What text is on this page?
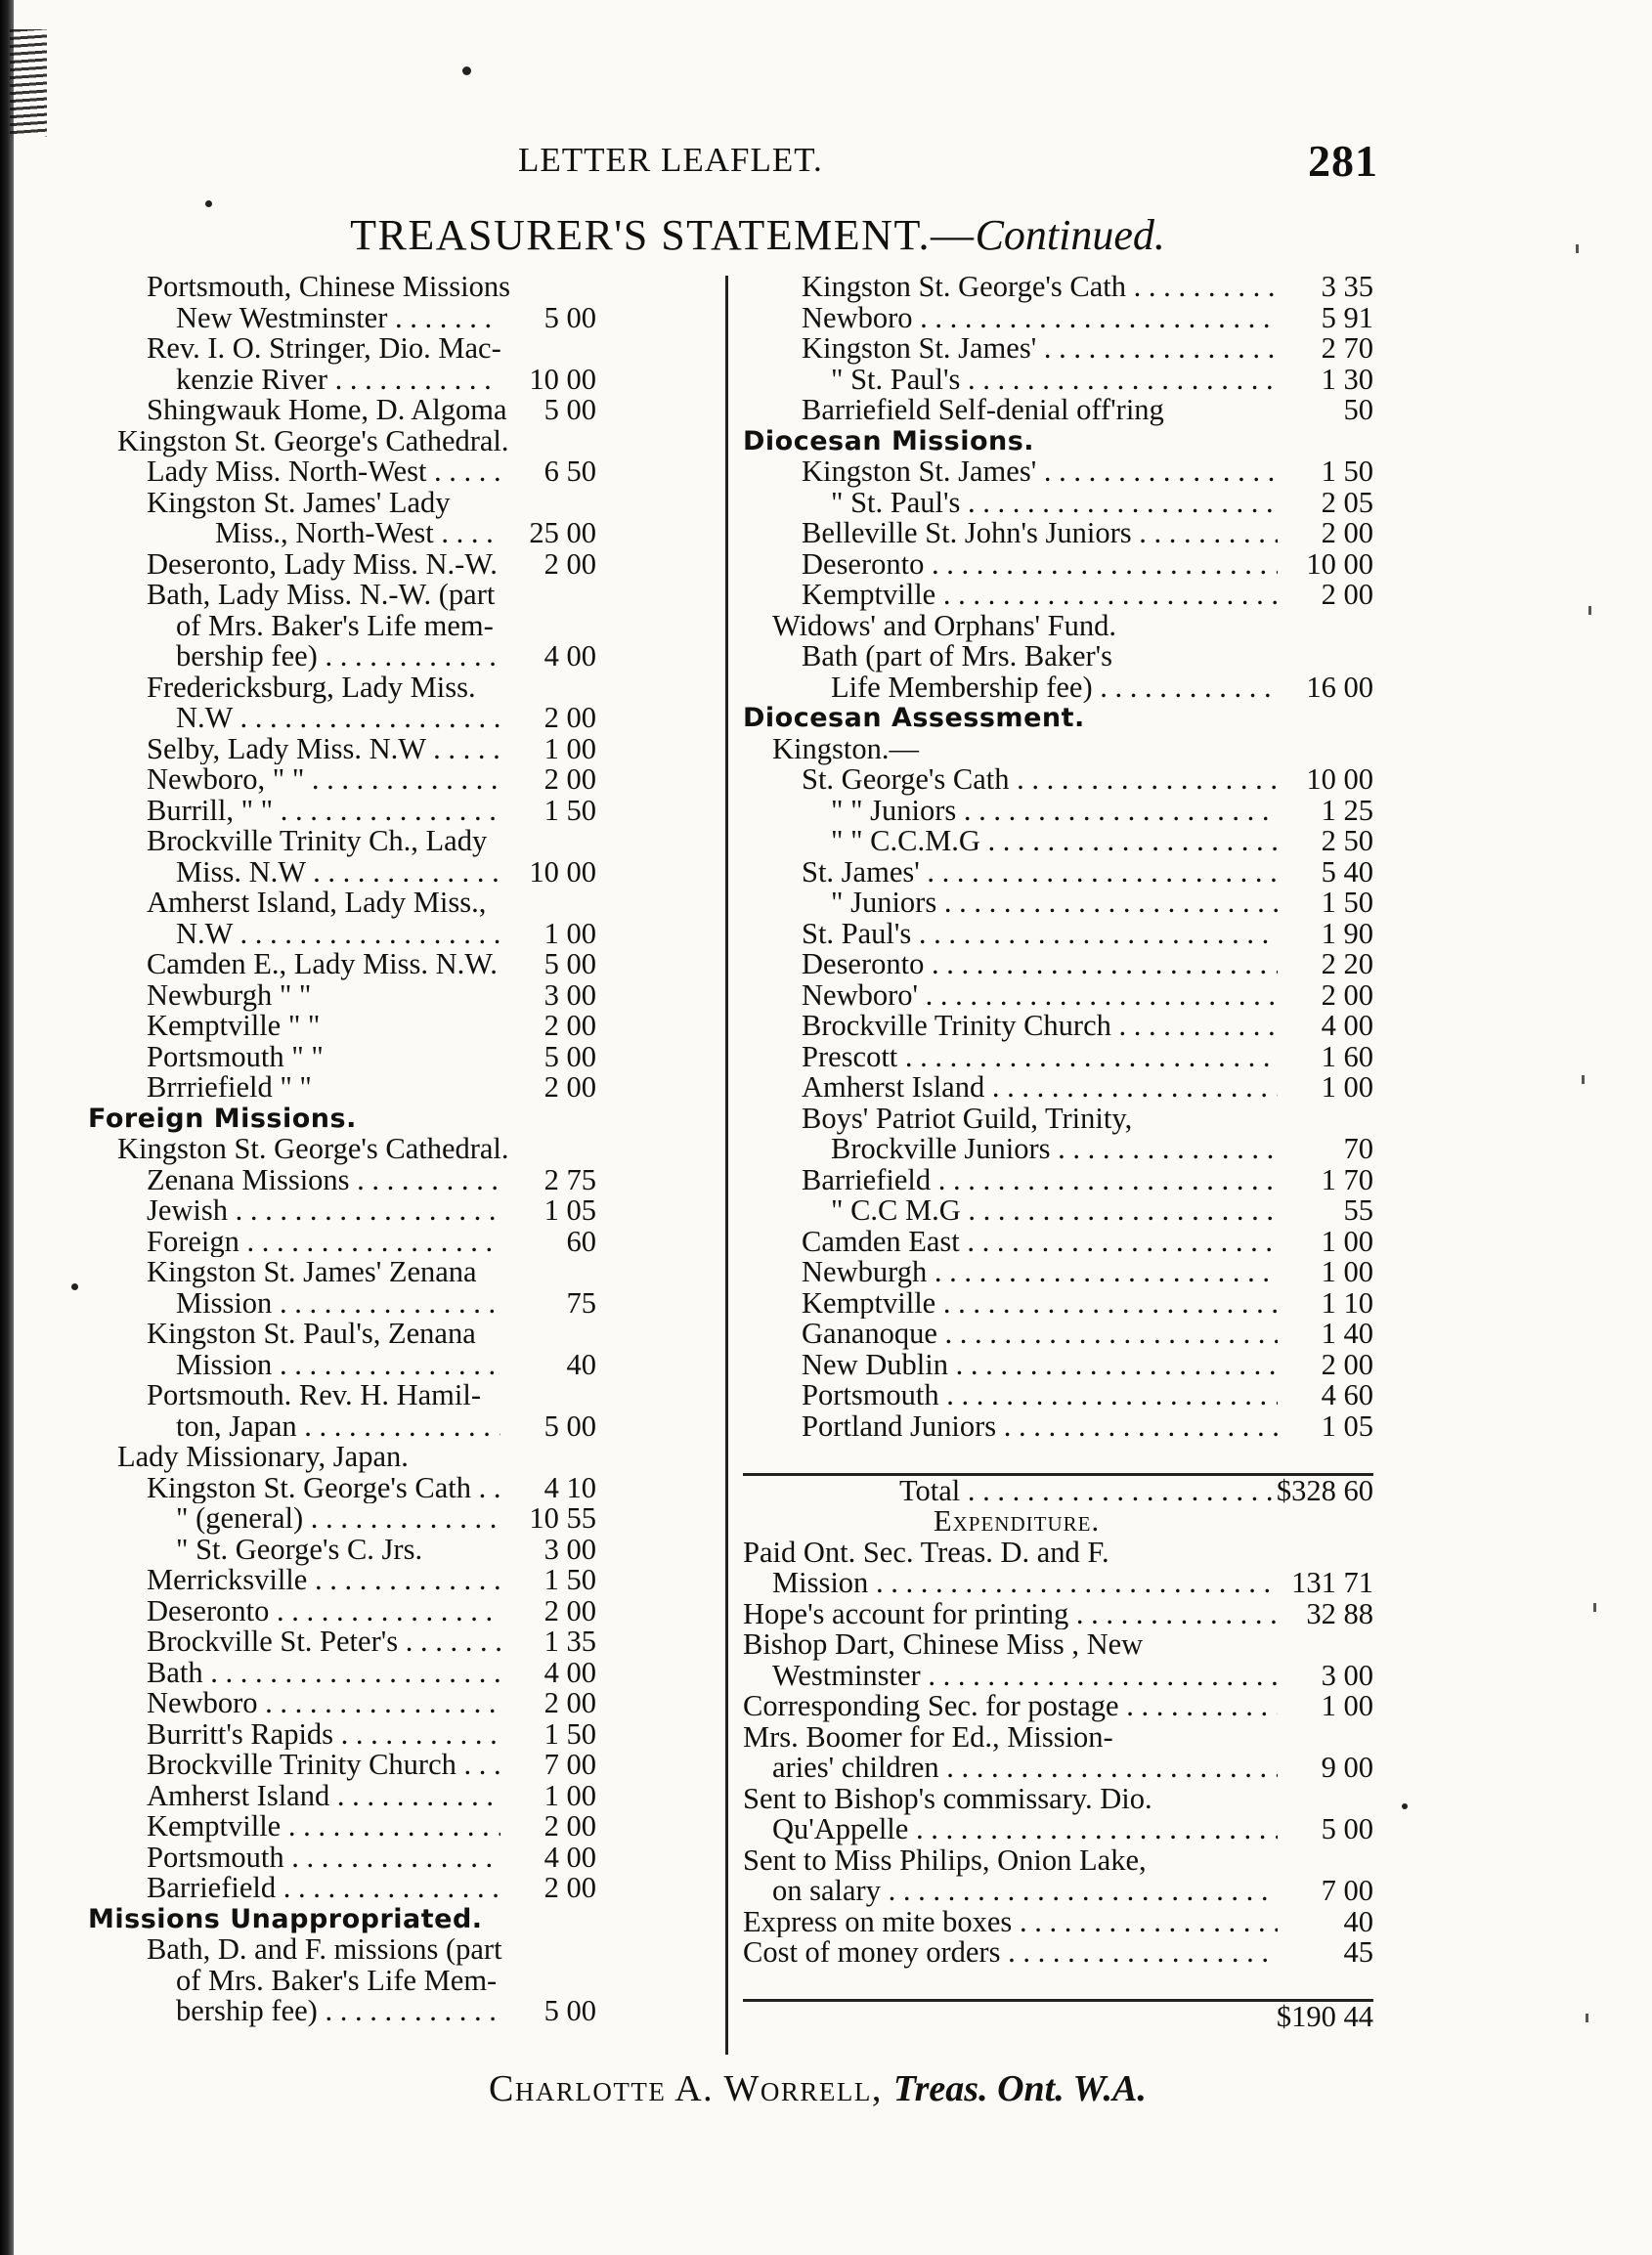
LETTER LEAFLET.	281
TREASURER'S STATEMENT.—Continued.
Portsmouth, Chinese Missions
New Westminster . . .	5 00
Rev. I. O. Stringer, Dio. Mac-
kenzie River . . .	10 00
Shingwauk Home, D. Algoma	5 00
Kingston St. George's Cathedral.
Lady Miss. North-West . . .	6 50
Kingston St. James' Lady
Miss., North-West . . .	25 00
Deseronto, Lady Miss. N.-W.	2 00
Bath, Lady Miss. N.-W. (part
of Mrs. Baker's Life mem-
bership fee) . . .	4 00
Fredericksburg, Lady Miss.
N.W . . .	2 00
Selby, Lady Miss. N.W . . .	1 00
Newboro, " " . . .	2 00
Burrill, " " . . .	1 50
Brockville Trinity Ch., Lady
Miss. N.W . . .	10 00
Amherst Island, Lady Miss.,
N.W . . .	1 00
Camden E., Lady Miss. N.W.	5 00
Newburgh " "	3 00
Kemptville " "	2 00
Portsmouth " "	5 00
Brrriefield " "	2 00
Foreign Missions.
Kingston St. George's Cathedral.
Zenana Missions . . .	2 75
Jewish . . .	1 05
Foreign . . .	60
Kingston St. James' Zenana
Mission . . .	75
Kingston St. Paul's, Zenana
Mission . . .	40
Portsmouth. Rev. H. Hamil-
ton, Japan . . .	5 00
Lady Missionary, Japan.
Kingston St. George's Cath . . .	4 10
" (general) . . .	10 55
" St. George's C. Jrs.	3 00
Merricksville . . .	1 50
Deseronto . . .	2 00
Brockville St. Peter's . . .	1 35
Bath . . .	4 00
Newboro . . .	2 00
Burritt's Rapids . . .	1 50
Brockville Trinity Church . . .	7 00
Amherst Island . . .	1 00
Kemptville . . .	2 00
Portsmouth . . .	4 00
Barriefield . . .	2 00
Missions Unappropriated.
Bath, D. and F. missions (part
of Mrs. Baker's Life Mem-
bership fee) . . .	5 00
Kingston St. George's Cath . . .	3 35
Newboro . . .	5 91
Kingston St. James' . . .	2 70
" St. Paul's . . .	1 30
Barriefield Self-denial off'ring	50
Diocesan Missions.
Kingston St. James' . . .	1 50
" St. Paul's . . .	2 05
Belleville St. John's Juniors . . .	2 00
Deseronto . . .	10 00
Kemptville . . .	2 00
Widows' and Orphans' Fund.
Bath (part of Mrs. Baker's
Life Membership fee) . . .	16 00
Diocesan Assessment.
Kingston.—
St. George's Cath . . .	10 00
" " Juniors . . .	1 25
" " C.C.M.G . . .	2 50
St. James' . . .	5 40
" Juniors . . .	1 50
St. Paul's . . .	1 90
Deseronto . . .	2 20
Newboro' . . .	2 00
Brockville Trinity Church . . .	4 00
Prescott . . .	1 60
Amherst Island . . .	1 00
Boys' Patriot Guild, Trinity,
Brockville Juniors . . .	70
Barriefield . . .	1 70
" C.C M.G . . .	55
Camden East . . .	1 00
Newburgh . . .	1 00
Kemptville . . .	1 10
Gananoque . . .	1 40
New Dublin . . .	2 00
Portsmouth . . .	4 60
Portland Juniors . . .	1 05
Total . . .	$328 60
Expenditure.
Paid Ont. Sec. Treas. D. and F.
Mission . . .	131 71
Hope's account for printing . . .	32 88
Bishop Dart, Chinese Miss , New
Westminster . . .	3 00
Corresponding Sec. for postage . . .	1 00
Mrs. Boomer for Ed., Mission-
aries' children . . .	9 00
Sent to Bishop's commissary. Dio.
Qu'Appelle . . .	5 00
Sent to Miss Philips, Onion Lake,
on salary . . .	7 00
Express on mite boxes . . .	40
Cost of money orders . . .	45
$190 44
Charlotte A. Worrell, Treas. Ont. W.A.
